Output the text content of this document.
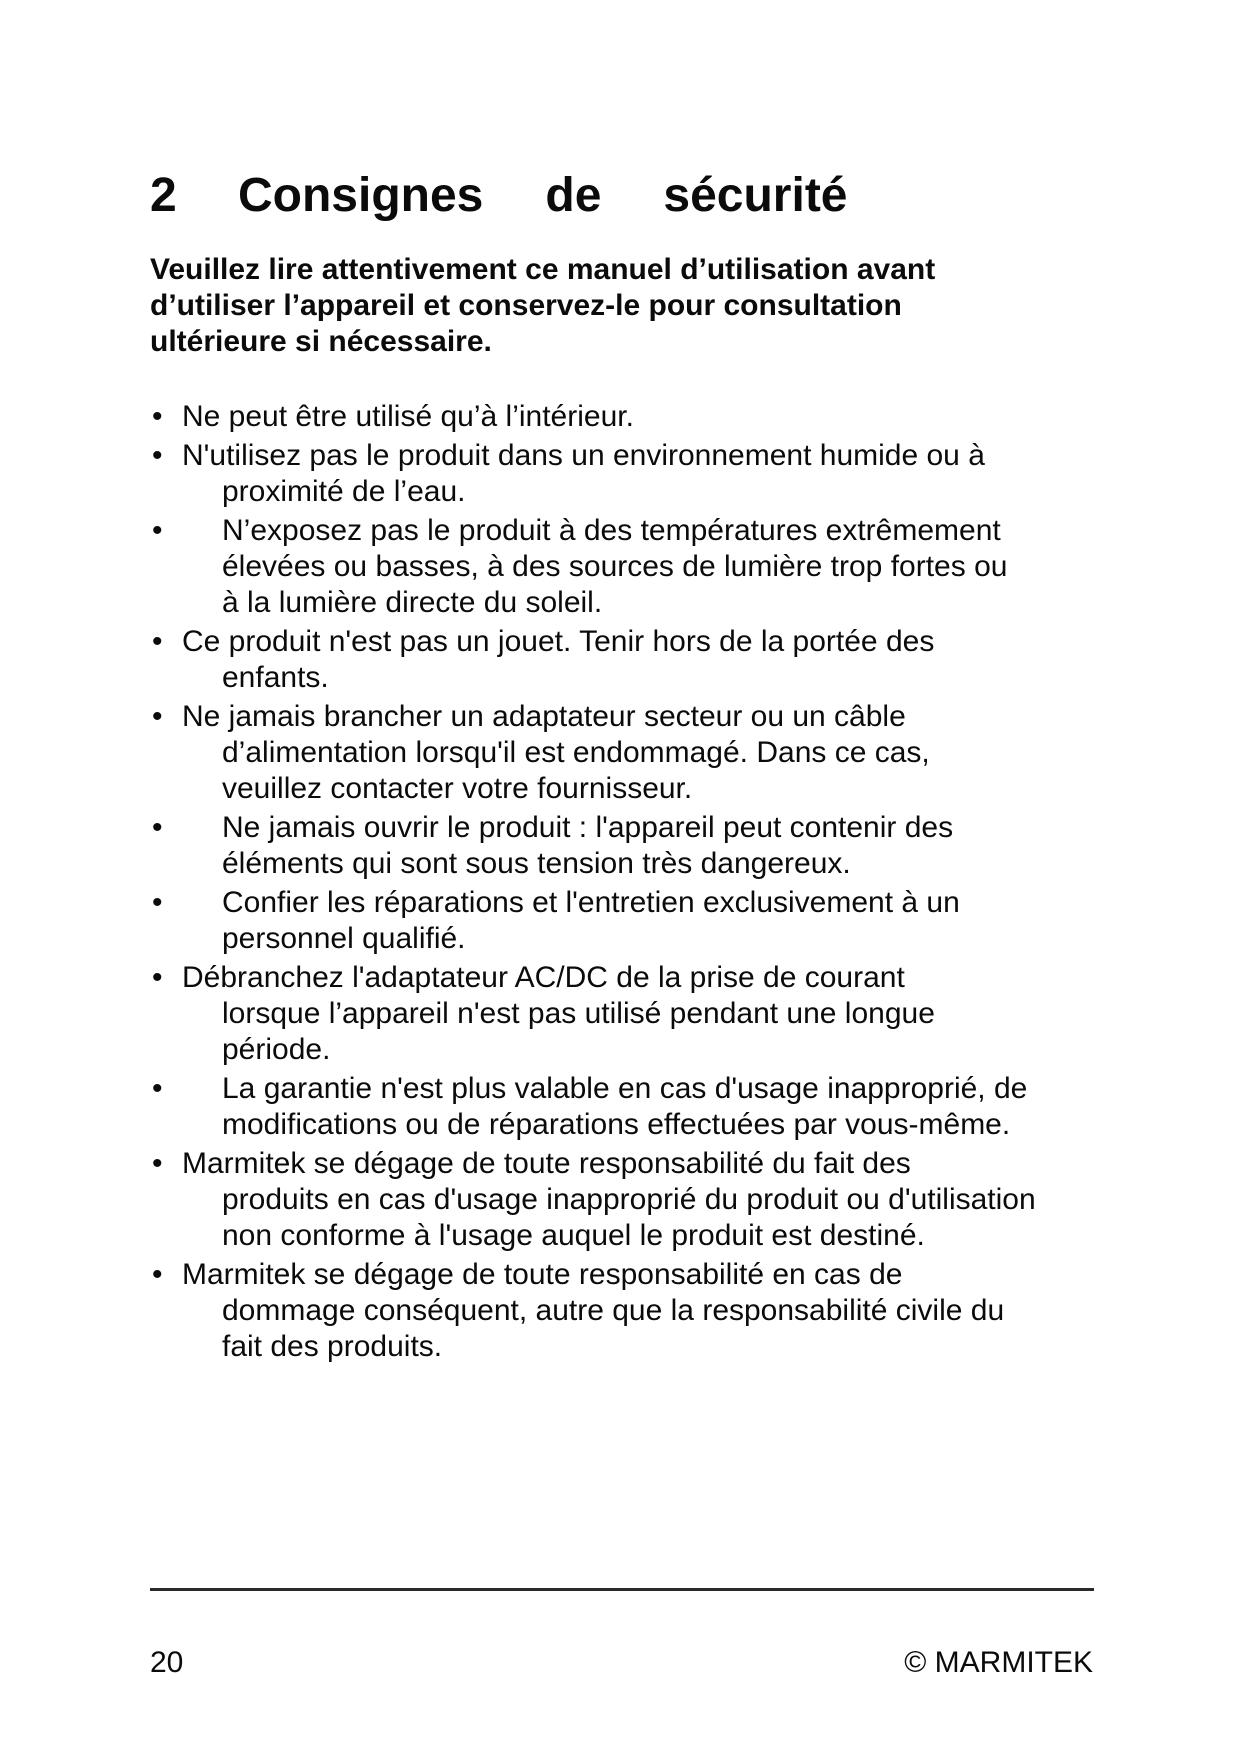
2 Consignes de sécurité

Veuillez lire attentivement ce manuel d’utilisation avant
d’utiliser l’appareil et conservez-le pour consultation
ultérieure si nécessaire.

• Ne peut être utilisé qu’à l’intérieur.
• N'utilisez pas le produit dans un environnement humide ou à
proximité de l’eau.
• N’exposez pas le produit à des températures extrêmement
élevées ou basses, à des sources de lumière trop fortes ou
à la lumière directe du soleil.
• Ce produit n'est pas un jouet. Tenir hors de la portée des
enfants.
• Ne jamais brancher un adaptateur secteur ou un câble
d’alimentation lorsqu'il est endommagé. Dans ce cas,
veuillez contacter votre fournisseur.
• Ne jamais ouvrir le produit : l'appareil peut contenir des
éléments qui sont sous tension très dangereux.
• Confier les réparations et l'entretien exclusivement à un
personnel qualifié.
• Débranchez l'adaptateur AC/DC de la prise de courant
lorsque l’appareil n'est pas utilisé pendant une longue
période.
• La garantie n'est plus valable en cas d'usage inapproprié, de
modifications ou de réparations effectuées par vous-même.
• Marmitek se dégage de toute responsabilité du fait des
produits en cas d'usage inapproprié du produit ou d'utilisation
non conforme à l'usage auquel le produit est destiné.
• Marmitek se dégage de toute responsabilité en cas de
dommage conséquent, autre que la responsabilité civile du
fait des produits.
20	© MARMITEK
